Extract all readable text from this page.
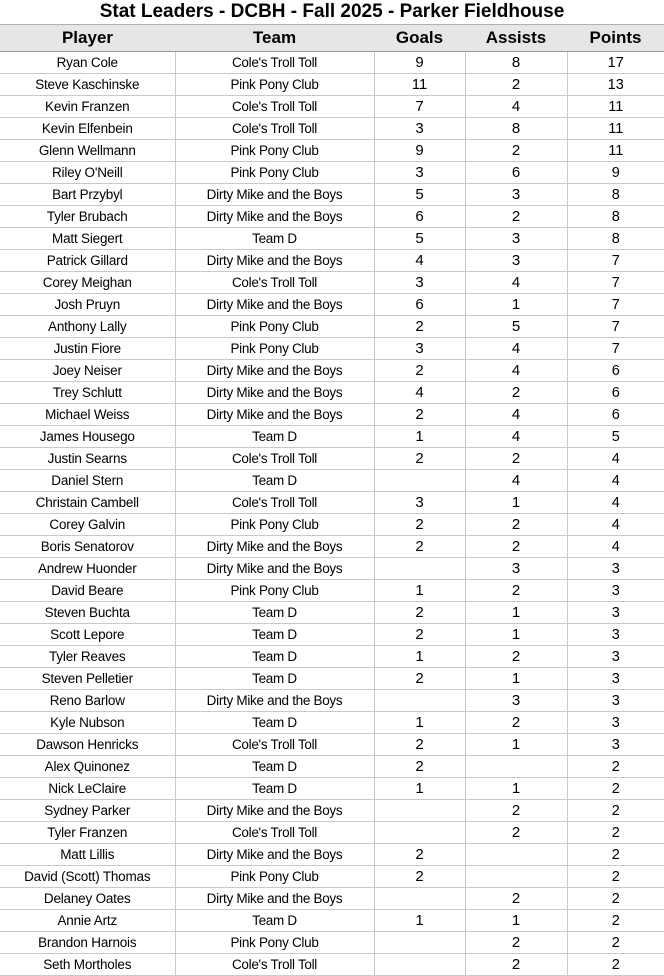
Stat Leaders - DCBH - Fall 2025 - Parker Fieldhouse
Player	Team	Goals	Assists	Points
Ryan Cole	Cole's Troll Toll	9	8	17
Steve Kaschinske	Pink Pony Club	11	2	13
Kevin Franzen	Cole's Troll Toll	7	4	11
Kevin Elfenbein	Cole's Troll Toll	3	8	11
Glenn Wellmann	Pink Pony Club	9	2	11
Riley O'Neill	Pink Pony Club	3	6	9
Bart Przybyl	Dirty Mike and the Boys	5	3	8
Tyler Brubach	Dirty Mike and the Boys	6	2	8
Matt Siegert	Team D	5	3	8
Patrick Gillard	Dirty Mike and the Boys	4	3	7
Corey Meighan	Cole's Troll Toll	3	4	7
Josh Pruyn	Dirty Mike and the Boys	6	1	7
Anthony Lally	Pink Pony Club	2	5	7
Justin Fiore	Pink Pony Club	3	4	7
Joey Neiser	Dirty Mike and the Boys	2	4	6
Trey Schlutt	Dirty Mike and the Boys	4	2	6
Michael Weiss	Dirty Mike and the Boys	2	4	6
James Housego	Team D	1	4	5
Justin Searns	Cole's Troll Toll	2	2	4
Daniel Stern	Team D		4	4
Christain Cambell	Cole's Troll Toll	3	1	4
Corey Galvin	Pink Pony Club	2	2	4
Boris Senatorov	Dirty Mike and the Boys	2	2	4
Andrew Huonder	Dirty Mike and the Boys		3	3
David Beare	Pink Pony Club	1	2	3
Steven Buchta	Team D	2	1	3
Scott Lepore	Team D	2	1	3
Tyler Reaves	Team D	1	2	3
Steven Pelletier	Team D	2	1	3
Reno Barlow	Dirty Mike and the Boys		3	3
Kyle Nubson	Team D	1	2	3
Dawson Henricks	Cole's Troll Toll	2	1	3
Alex Quinonez	Team D	2		2
Nick LeClaire	Team D	1	1	2
Sydney Parker	Dirty Mike and the Boys		2	2
Tyler Franzen	Cole's Troll Toll		2	2
Matt Lillis	Dirty Mike and the Boys	2		2
David (Scott) Thomas	Pink Pony Club	2		2
Delaney Oates	Dirty Mike and the Boys		2	2
Annie Artz	Team D	1	1	2
Brandon Harnois	Pink Pony Club		2	2
Seth Mortholes	Cole's Troll Toll		2	2
